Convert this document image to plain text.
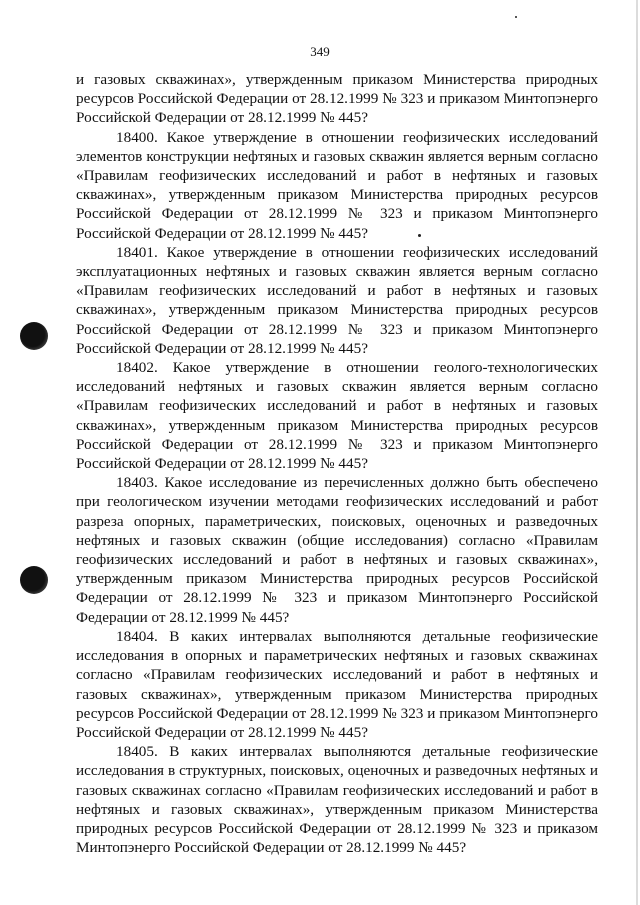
349

и газовых скважинах», утвержденным приказом Министерства природных ресурсов Российской Федерации от 28.12.1999 № 323 и приказом Минтопэнерго Российской Федерации от 28.12.1999 № 445?

18400. Какое утверждение в отношении геофизических исследований элементов конструкции нефтяных и газовых скважин является верным согласно «Правилам геофизических исследований и работ в нефтяных и газовых скважинах», утвержденным приказом Министерства природных ресурсов Российской Федерации от 28.12.1999 № 323 и приказом Минтопэнерго Российской Федерации от 28.12.1999 № 445?

18401. Какое утверждение в отношении геофизических исследований эксплуатационных нефтяных и газовых скважин является верным согласно «Правилам геофизических исследований и работ в нефтяных и газовых скважинах», утвержденным приказом Министерства природных ресурсов Российской Федерации от 28.12.1999 № 323 и приказом Минтопэнерго Российской Федерации от 28.12.1999 № 445?

18402. Какое утверждение в отношении геолого-технологических исследований нефтяных и газовых скважин является верным согласно «Правилам геофизических исследований и работ в нефтяных и газовых скважинах», утвержденным приказом Министерства природных ресурсов Российской Федерации от 28.12.1999 № 323 и приказом Минтопэнерго Российской Федерации от 28.12.1999 № 445?

18403. Какое исследование из перечисленных должно быть обеспечено при геологическом изучении методами геофизических исследований и работ разреза опорных, параметрических, поисковых, оценочных и разведочных нефтяных и газовых скважин (общие исследования) согласно «Правилам геофизических исследований и работ в нефтяных и газовых скважинах», утвержденным приказом Министерства природных ресурсов Российской Федерации от 28.12.1999 № 323 и приказом Минтопэнерго Российской Федерации от 28.12.1999 № 445?

18404. В каких интервалах выполняются детальные геофизические исследования в опорных и параметрических нефтяных и газовых скважинах согласно «Правилам геофизических исследований и работ в нефтяных и газовых скважинах», утвержденным приказом Министерства природных ресурсов Российской Федерации от 28.12.1999 № 323 и приказом Минтопэнерго Российской Федерации от 28.12.1999 № 445?

18405. В каких интервалах выполняются детальные геофизические исследования в структурных, поисковых, оценочных и разведочных нефтяных и газовых скважинах согласно «Правилам геофизических исследований и работ в нефтяных и газовых скважинах», утвержденным приказом Министерства природных ресурсов Российской Федерации от 28.12.1999 № 323 и приказом Минтопэнерго Российской Федерации от 28.12.1999 № 445?
